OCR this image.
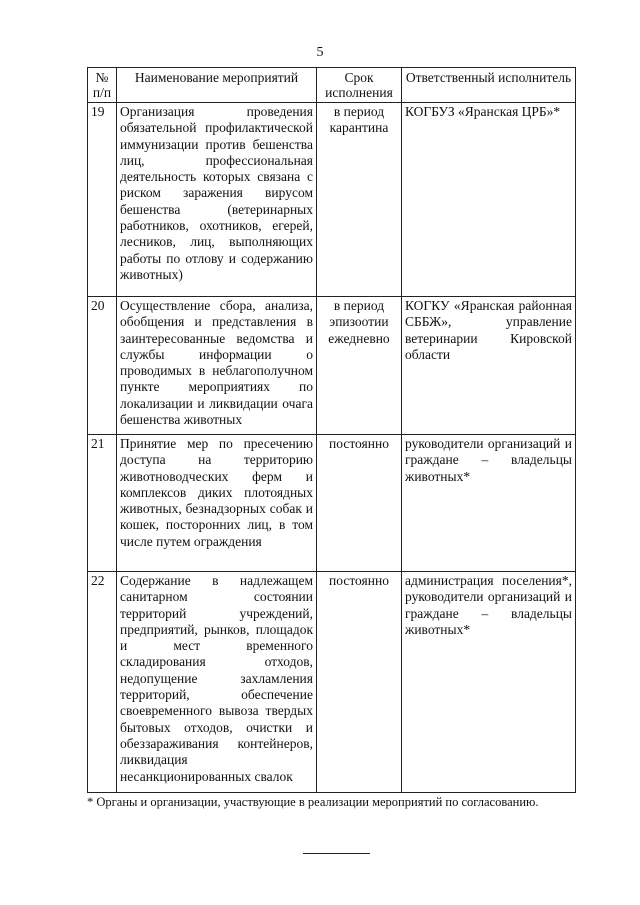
5
№ п/п	Наименование мероприятий	Срок исполнения	Ответственный исполнитель
19	Организация проведения обязательной профилактической иммунизации против бешенства лиц, профессиональная деятельность которых связана с риском заражения вирусом бешенства (ветеринарных работников, охотников, егерей, лесников, лиц, выполняющих работы по отлову и содержанию животных)	в период карантина	КОГБУЗ «Яранская ЦРБ»*
20	Осуществление сбора, анализа, обобщения и представления в заинтересованные ведомства и службы информации о проводимых в неблагополучном пункте мероприятиях по локализации и ликвидации очага бешенства животных	в период эпизоотии ежедневно	КОГКУ «Яранская районная СББЖ», управление ветеринарии Кировской области
21	Принятие мер по пресечению доступа на территорию животноводческих ферм и комплексов диких плотоядных животных, безнадзорных собак и кошек, посторонних лиц, в том числе путем ограждения	постоянно	руководители организаций и граждане – владельцы животных*
22	Содержание в надлежащем санитарном состоянии территорий учреждений, предприятий, рынков, площадок и мест временного складирования отходов, недопущение захламления территорий, обеспечение своевременного вывоза твердых бытовых отходов, очистки и обеззараживания контейнеров, ликвидация несанкционированных свалок	постоянно	администрация поселения*, руководители организаций и граждане – владельцы животных*
* Органы и организации, участвующие в реализации мероприятий по согласованию.
